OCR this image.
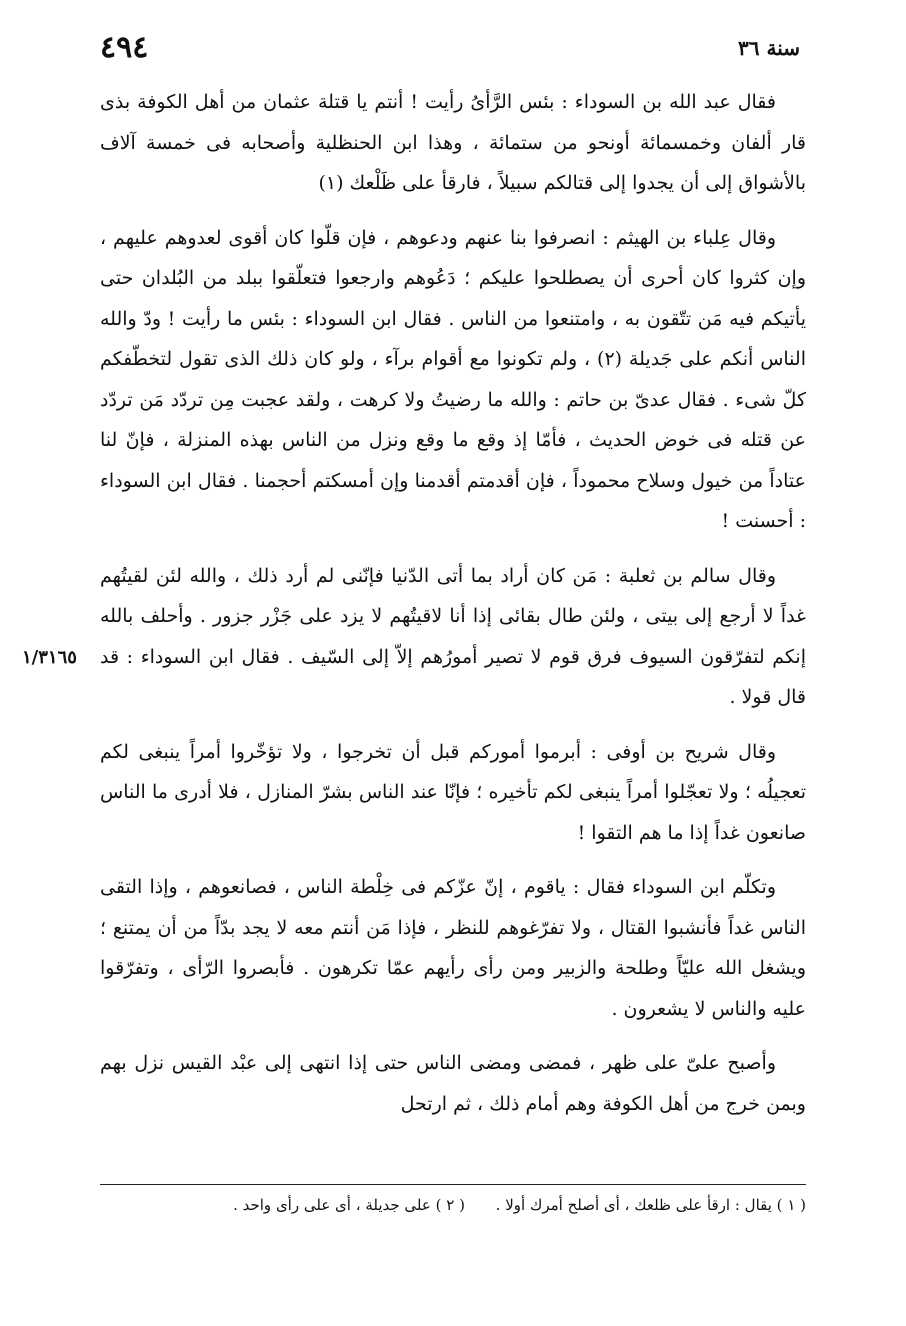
٤٩٤	سنة ٣٦
١/٣١٦٥

فقال عبد الله بن السوداء : بئس الرَّأىُ رأيت ! أنتم يا قتلة عثمان من أهل الكوفة بذى قار ألفان وخمسمائة أونحو من ستمائة ، وهذا ابن الحنظلية وأصحابه فى خمسة آلاف بالأشواق إلى أن يجدوا إلى قتالكم سبيلاً ، فارقأ على ظَلْعك (١)

وقال عِلباء بن الهيثم : انصرفوا بنا عنهم ودعوهم ، فإن قلّوا كان أقوى لعدوهم عليهم ، وإن كثروا كان أحرى أن يصطلحوا عليكم ؛ دَعُوهم وارجعوا فتعلّقوا ببلد من البُلدان حتى يأتيكم فيه مَن تتّقون به ، وامتنعوا من الناس . فقال ابن السوداء : بئس ما رأيت ! ودّ والله الناس أنكم على جَديلة (٢) ، ولم تكونوا مع أقوام برآء ، ولو كان ذلك الذى تقول لتخطّفكم كلّ شىء . فقال عدىّ بن حاتم : والله ما رضيتُ ولا كرهت ، ولقد عجبت مِن تردّد مَن تردّد عن قتله فى خوض الحديث ، فأمّا إذ وقع ما وقع ونزل من الناس بهذه المنزلة ، فإنّ لنا عتاداً من خيول وسلاح محموداً ، فإن أقدمتم أقدمنا وإن أمسكتم أحجمنا . فقال ابن السوداء : أحسنت !

وقال سالم بن ثعلبة : مَن كان أراد بما أتى الدّنيا فإنّنى لم أرد ذلك ، والله لئن لقيتُهم غداً لا أرجع إلى بيتى ، ولئن طال بقائى إذا أنا لاقيتُهم لا يزد على جَزْر جزور . وأحلف بالله إنكم لتفرّقون السيوف فرق قوم لا تصير أمورُهم إلاّ إلى السّيف . فقال ابن السوداء : قد قال قولا .

وقال شريح بن أوفى : أبرموا أموركم قبل أن تخرجوا ، ولا تؤخّروا أمراً ينبغى لكم تعجيلُه ؛ ولا تعجّلوا أمراً ينبغى لكم تأخيره ؛ فإنّا عند الناس بشرّ المنازل ، فلا أدرى ما الناس صانعون غداً إذا ما هم التقوا !

وتكلّم ابن السوداء فقال : ياقوم ، إنّ عزّكم فى خِلْطة الناس ، فصانعوهم ، وإذا التقى الناس غداً فأنشبوا القتال ، ولا تفرّغوهم للنظر ، فإذا مَن أنتم معه لا يجد بدّاً من أن يمتنع ؛ ويشغل الله عليّاً وطلحة والزبير ومن رأى رأيهم عمّا تكرهون . فأبصروا الرّأى ، وتفرّقوا عليه والناس لا يشعرون .

وأصبح علىّ على ظهر ، فمضى ومضى الناس حتى إذا انتهى إلى عبْد القيس نزل بهم وبمن خرج من أهل الكوفة وهم أمام ذلك ، ثم ارتحل

( ١ ) يقال : ارقأ على ظلعك ، أى أصلح أمرك أولا . ( ٢ ) على جديلة ، أى على رأى واحد .
